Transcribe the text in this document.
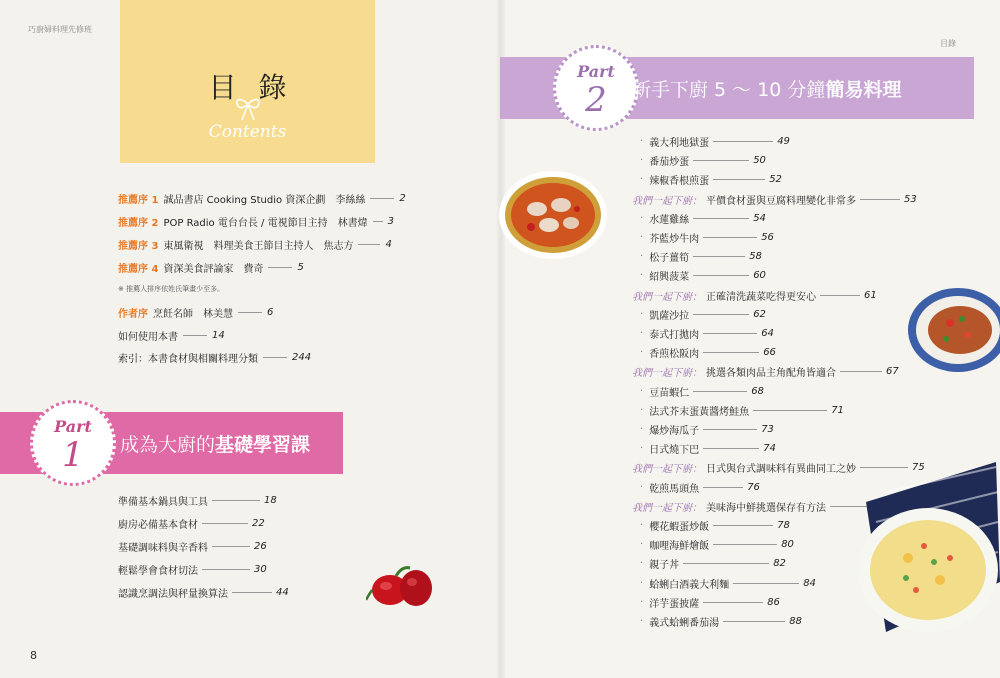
巧廚婦料理先修班
目錄
8
目錄
Contents
推薦序 1 誠品書店 Cooking Studio 資深企劃　李絲絲	2
推薦序 2 POP Radio 電台台長 / 電視節目主持　林書煒 3
推薦序 3 東風衛視　料理美食王節目主持人　焦志方	4
推薦序 4 資深美食評論家　費奇	5
※ 推薦人排序依姓氏筆畫少至多。
作者序 烹飪名師　林美慧	6
如何使用本書	14
索引：本書食材與相關料理分類	244
Part
1	成為大廚的基礎學習課
準備基本鍋具與工具	18
廚房必備基本食材	22
基礎調味料與辛香料	26
輕鬆學會食材切法	30
認識烹調法與秤量換算法	44
Part
2	新手下廚 5 ～ 10 分鐘簡易料理
· 義大利地獄蛋	49
· 番茄炒蛋	50
· 辣椒香根煎蛋	52
我們一起下廚： 平價食材蛋與豆腐料理變化非常多	53
· 水蓮雞絲	54
· 芥藍炒牛肉	56
· 松子薑筍	58
· 紹興菠菜	60
我們一起下廚： 正確清洗蔬菜吃得更安心	61
· 凱薩沙拉	62
· 泰式打拋肉	64
· 香煎松阪肉	66
我們一起下廚： 挑選各類肉品主角配角皆適合	67
· 豆苗蝦仁	68
· 法式芥末蛋黃醬烤鮭魚	71
· 爆炒海瓜子	73
· 日式燒下巴	74
我們一起下廚： 日式與台式調味料有異曲同工之妙	75
· 乾煎馬頭魚	76
我們一起下廚： 美味海中鮮挑選保存有方法
· 櫻花蝦蛋炒飯	78
· 咖哩海鮮燴飯	80
· 親子丼	82
· 蛤蜊白酒義大利麵	84
· 洋芋蛋披薩	86
· 義式蛤蜊番茄湯	88
